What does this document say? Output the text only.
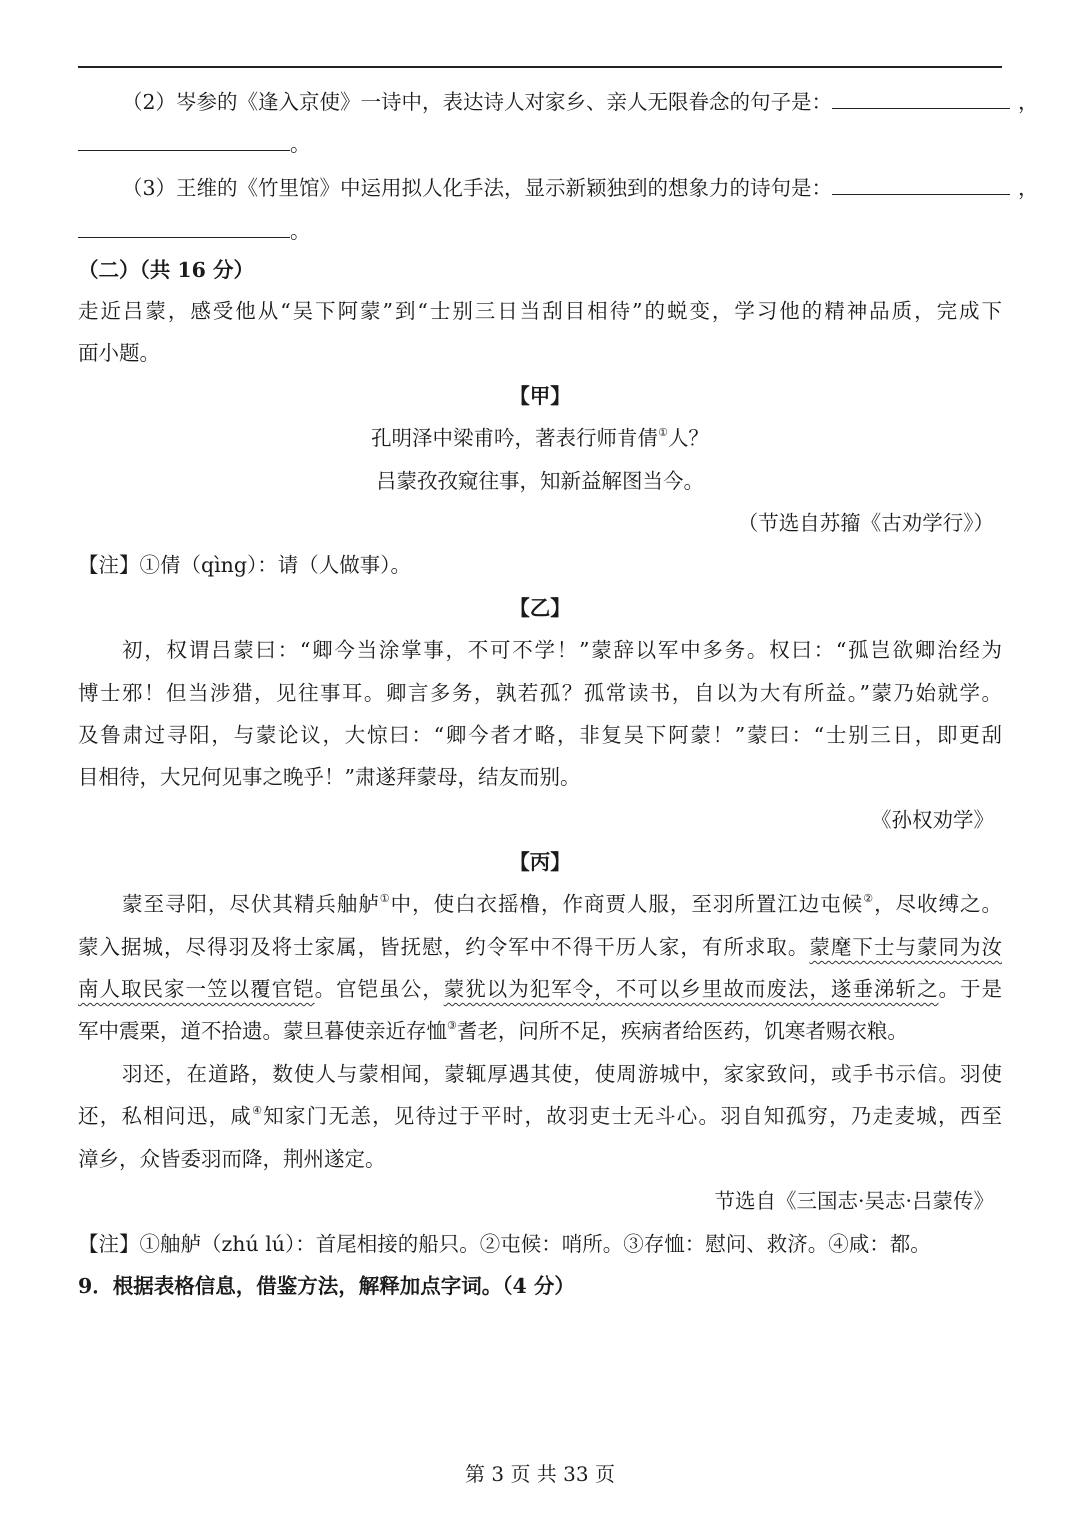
（2）岑参的《逢入京使》一诗中，表达诗人对家乡、亲人无限眷念的句子是：	，
。
（3）王维的《竹里馆》中运用拟人化手法，显示新颖独到的想象力的诗句是：	，
。
（二）（共 16 分）
走近吕蒙，感受他从“吴下阿蒙”到“士别三日当刮目相待”的蜕变，学习他的精神品质，完成下
面小题。
【甲】
孔明泽中梁甫吟，著表行师肯倩①人？
吕蒙孜孜窥往事，知新益解图当今。
（节选自苏籀《古劝学行》）
【注】①倩（qìng）：请（人做事）。
【乙】
初，权谓吕蒙曰：“卿今当涂掌事，不可不学！”蒙辞以军中多务。权曰：“孤岂欲卿治经为
博士邪！但当涉猎，见往事耳。卿言多务，孰若孤？孤常读书，自以为大有所益。”蒙乃始就学。
及鲁肃过寻阳，与蒙论议，大惊曰：“卿今者才略，非复吴下阿蒙！”蒙曰：“士别三日，即更刮
目相待，大兄何见事之晚乎！”肃遂拜蒙母，结友而别。
《孙权劝学》
【丙】
蒙至寻阳，尽伏其精兵舳舻①中，使白衣摇橹，作商贾人服，至羽所置江边屯候②，尽收缚之。
蒙入据城，尽得羽及将士家属，皆抚慰，约令军中不得干历人家，有所求取。蒙麾下士与蒙同为汝
南人取民家一笠以覆官铠。官铠虽公，蒙犹以为犯军令，不可以乡里故而废法，遂垂涕斩之。于是
军中震栗，道不拾遗。蒙旦暮使亲近存恤③耆老，问所不足，疾病者给医药，饥寒者赐衣粮。
羽还，在道路，数使人与蒙相闻，蒙辄厚遇其使，使周游城中，家家致问，或手书示信。羽使
还，私相问迅，咸④知家门无恙，见待过于平时，故羽吏士无斗心。羽自知孤穷，乃走麦城，西至
漳乡，众皆委羽而降，荆州遂定。
节选自《三国志·吴志·吕蒙传》
【注】①舳舻（zhú lú）：首尾相接的船只。②屯候：哨所。③存恤：慰问、救济。④咸：都。
9．根据表格信息，借鉴方法，解释加点字词。（4 分）
第 3 页 共 33 页
